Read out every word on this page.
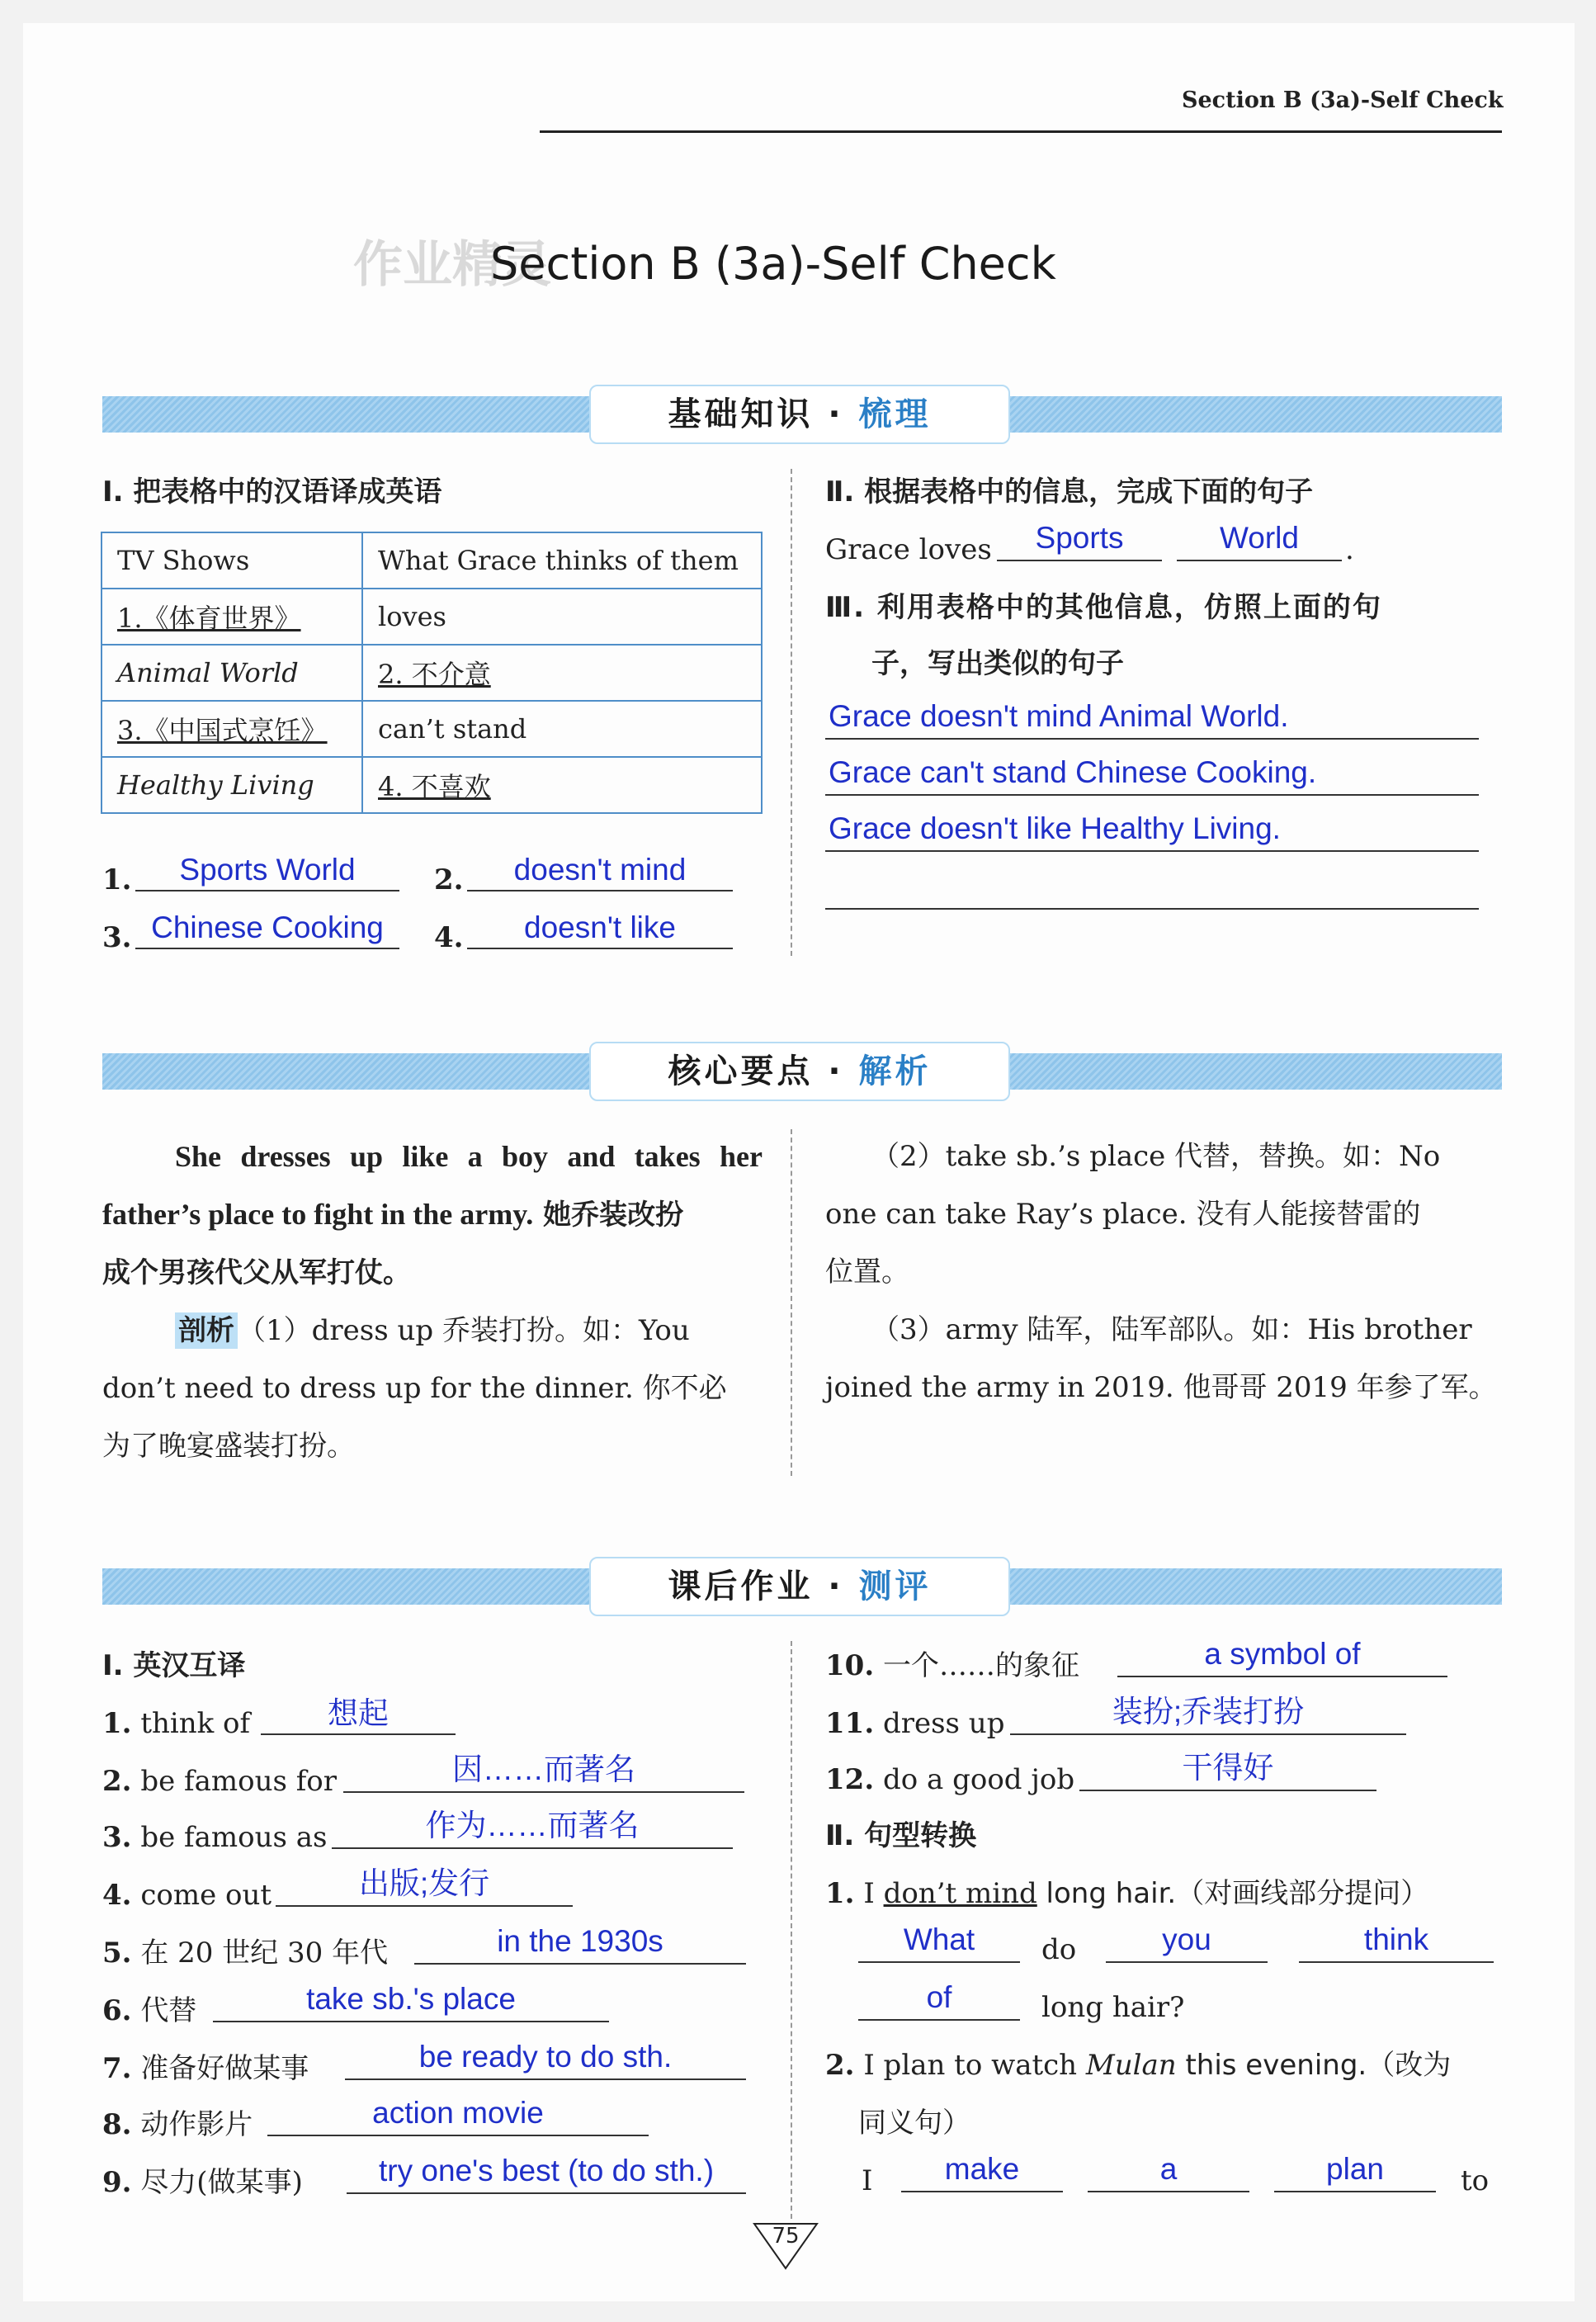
Section B (3a)-Self Check
作业精灵
Section B (3a)-Self Check
基础知识 · 梳理
Ⅰ. 把表格中的汉语译成英语
TV Shows	What Grace thinks of them
1.《体育世界》	loves
Animal World	2. 不介意
3.《中国式烹饪》	can’t stand
Healthy Living	4. 不喜欢
1.	Sports World	2.	doesn't mind
3. Chinese Cooking	4.	doesn't like
Ⅱ. 根据表格中的信息，完成下面的句子
Grace loves	Sports	World	.
Ⅲ. 利用表格中的其他信息，仿照上面的句
子，写出类似的句子
Grace doesn't mind Animal World.
Grace can't stand Chinese Cooking.
Grace doesn't like Healthy Living.
核心要点 · 解析
She dresses up like a boy and takes her
father’s place to fight in the army. 她乔装改扮
成个男孩代父从军打仗。
剖析 （1）dress up 乔装打扮。如：You
don’t need to dress up for the dinner. 你不必
为了晚宴盛装打扮。
（2）take sb.’s place 代替，替换。如：No
one can take Ray’s place. 没有人能接替雷的
位置。
（3）army 陆军，陆军部队。如：His brother
joined the army in 2019. 他哥哥 2019 年参了军。
课后作业 · 测评
Ⅰ. 英汉互译
1. think of	想起
2. be famous for	因……而著名
3. be famous as	作为……而著名
4. come out	出版;发行
5. 在 20 世纪 30 年代	in the 1930s
6. 代替	take sb.'s place
7. 准备好做某事	be ready to do sth.
8. 动作影片	action movie
9. 尽力(做某事)	try one's best (to do sth.)
10. 一个……的象征	a symbol of
11. dress up	装扮;乔装打扮
12. do a good job	干得好
Ⅱ. 句型转换
1. I don’t mind long hair.（对画线部分提问）
What	do	you	think
of	long hair?
2. I plan to watch Mulan this evening.（改为
同义句）
I	make	a	plan	to
75
